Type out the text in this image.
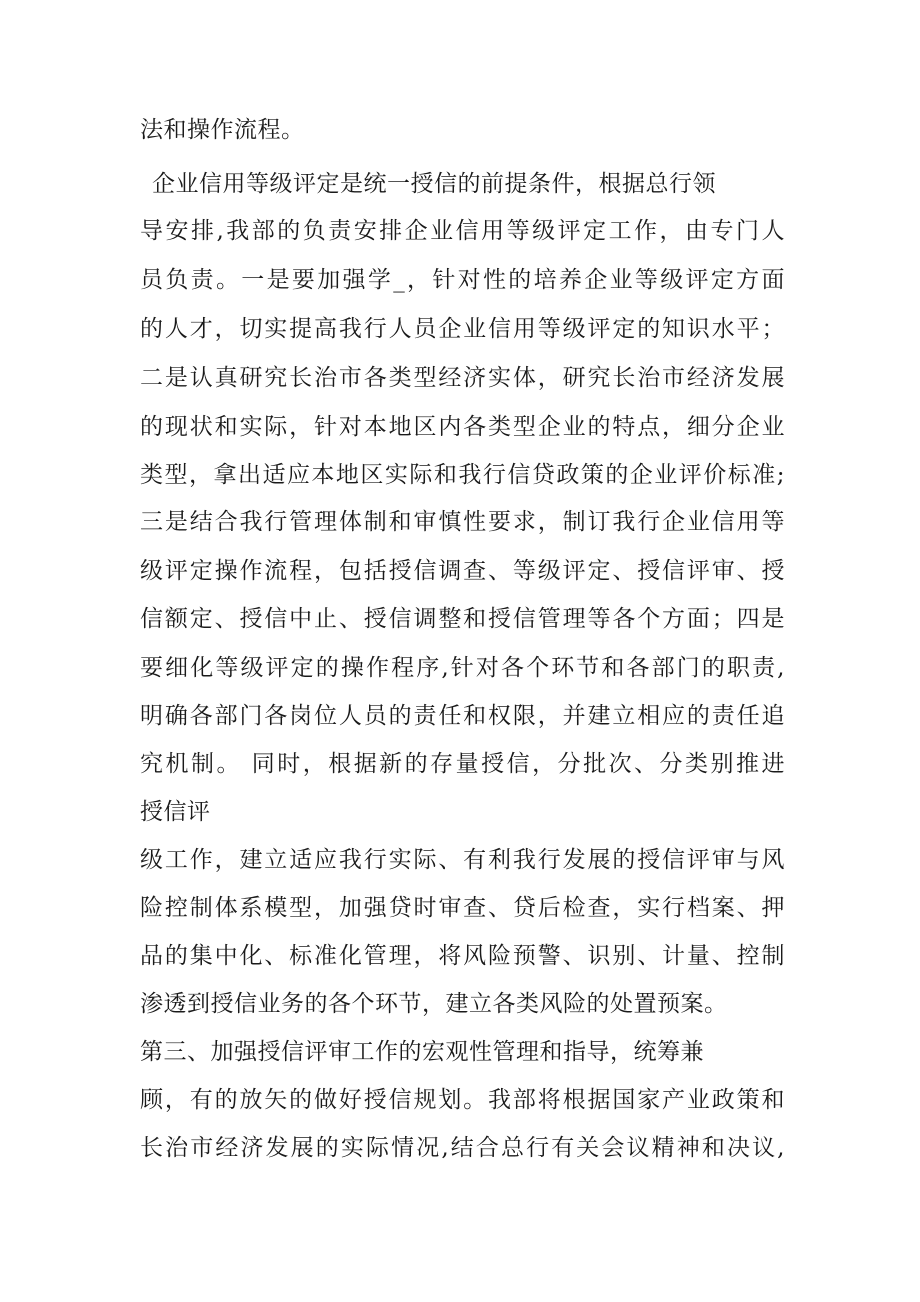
法和操作流程。
企业信用等级评定是统一授信的前提条件，根据总行领
导安排,我部的负责安排企业信用等级评定工作，由专门人
员负责。一是要加强学_，针对性的培养企业等级评定方面
的人才，切实提高我行人员企业信用等级评定的知识水平；
二是认真研究长治市各类型经济实体，研究长治市经济发展
的现状和实际，针对本地区内各类型企业的特点，细分企业
类型，拿出适应本地区实际和我行信贷政策的企业评价标准;
三是结合我行管理体制和审慎性要求，制订我行企业信用等
级评定操作流程，包括授信调查、等级评定、授信评审、授
信额定、授信中止、授信调整和授信管理等各个方面；四是
要细化等级评定的操作程序,针对各个环节和各部门的职责,
明确各部门各岗位人员的责任和权限，并建立相应的责任追
究机制。 同时，根据新的存量授信，分批次、分类别推进
授信评
级工作，建立适应我行实际、有利我行发展的授信评审与风
险控制体系模型，加强贷时审查、贷后检查，实行档案、押
品的集中化、标准化管理，将风险预警、识别、计量、控制
渗透到授信业务的各个环节，建立各类风险的处置预案。
第三、加强授信评审工作的宏观性管理和指导，统筹兼
顾，有的放矢的做好授信规划。我部将根据国家产业政策和
长治市经济发展的实际情况,结合总行有关会议精神和决议,
